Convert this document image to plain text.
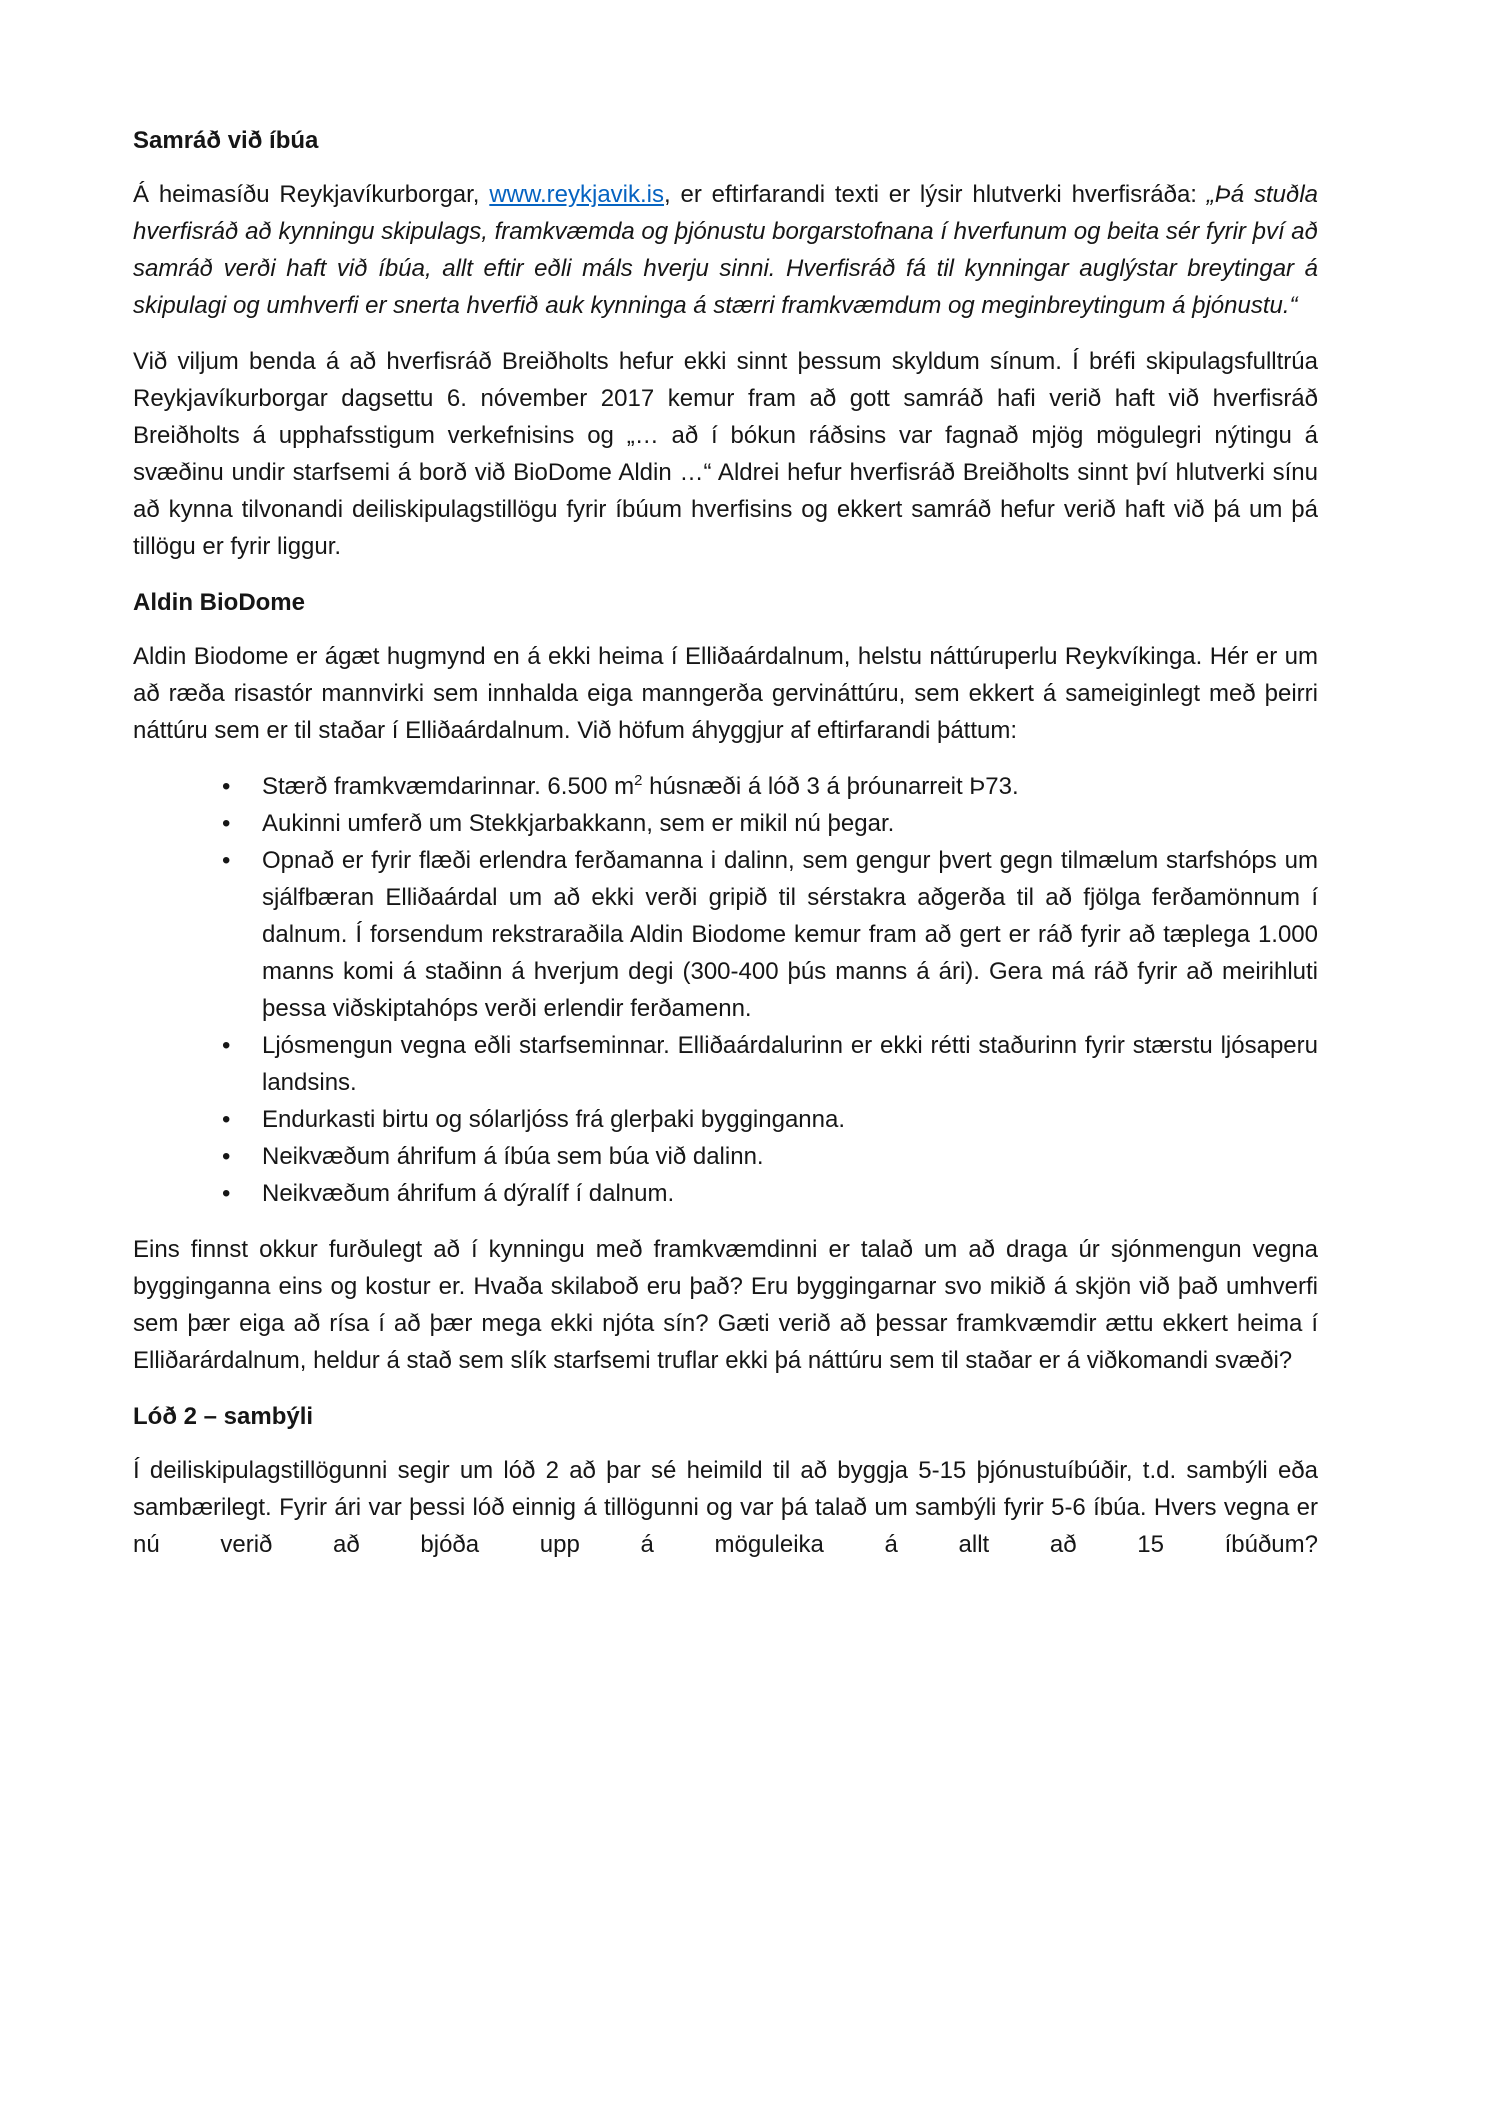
Samráð við íbúa

Á heimasíðu Reykjavíkurborgar, www.reykjavik.is, er eftirfarandi texti er lýsir hlutverki hverfisráða: „Þá stuðla hverfisráð að kynningu skipulags, framkvæmda og þjónustu borgarstofnana í hverfunum og beita sér fyrir því að samráð verði haft við íbúa, allt eftir eðli máls hverju sinni. Hverfisráð fá til kynningar auglýstar breytingar á skipulagi og umhverfi er snerta hverfið auk kynninga á stærri framkvæmdum og meginbreytingum á þjónustu.“

Við viljum benda á að hverfisráð Breiðholts hefur ekki sinnt þessum skyldum sínum. Í bréfi skipulagsfulltrúa Reykjavíkurborgar dagsettu 6. nóvember 2017 kemur fram að gott samráð hafi verið haft við hverfisráð Breiðholts á upphafsstigum verkefnisins og „… að í bókun ráðsins var fagnað mjög mögulegri nýtingu á svæðinu undir starfsemi á borð við BioDome Aldin …“ Aldrei hefur hverfisráð Breiðholts sinnt því hlutverki sínu að kynna tilvonandi deiliskipulagstillögu fyrir íbúum hverfisins og ekkert samráð hefur verið haft við þá um þá tillögu er fyrir liggur.

Aldin BioDome

Aldin Biodome er ágæt hugmynd en á ekki heima í Elliðaárdalnum, helstu náttúruperlu Reykvíkinga. Hér er um að ræða risastór mannvirki sem innhalda eiga manngerða gervináttúru, sem ekkert á sameiginlegt með þeirri náttúru sem er til staðar í Elliðaárdalnum. Við höfum áhyggjur af eftirfarandi þáttum:

• Stærð framkvæmdarinnar. 6.500 $m^2$ húsnæði á lóð 3 á þróunarreit Þ73.
• Aukinni umferð um Stekkjarbakkann, sem er mikil nú þegar.
• Opnað er fyrir flæði erlendra ferðamanna i dalinn, sem gengur þvert gegn tilmælum starfshóps um sjálfbæran Elliðaárdal um að ekki verði gripið til sérstakra aðgerða til að fjölga ferðamönnum í dalnum. Í forsendum rekstraraðila Aldin Biodome kemur fram að gert er ráð fyrir að tæplega 1.000 manns komi á staðinn á hverjum degi (300-400 þús manns á ári). Gera má ráð fyrir að meirihluti þessa viðskiptahóps verði erlendir ferðamenn.
• Ljósmengun vegna eðli starfseminnar. Elliðaárdalurinn er ekki rétti staðurinn fyrir stærstu ljósaperu landsins.
• Endurkasti birtu og sólarljóss frá glerþaki bygginganna.
• Neikvæðum áhrifum á íbúa sem búa við dalinn.
• Neikvæðum áhrifum á dýralíf í dalnum.

Eins finnst okkur furðulegt að í kynningu með framkvæmdinni er talað um að draga úr sjónmengun vegna bygginganna eins og kostur er. Hvaða skilaboð eru það? Eru byggingarnar svo mikið á skjön við það umhverfi sem þær eiga að rísa í að þær mega ekki njóta sín? Gæti verið að þessar framkvæmdir ættu ekkert heima í Elliðarárdalnum, heldur á stað sem slík starfsemi truflar ekki þá náttúru sem til staðar er á viðkomandi svæði?

Lóð 2 – sambýli

Í deiliskipulagstillögunni segir um lóð 2 að þar sé heimild til að byggja 5-15 þjónustuíbúðir, t.d. sambýli eða sambærilegt. Fyrir ári var þessi lóð einnig á tillögunni og var þá talað um sambýli fyrir 5-6 íbúa. Hvers vegna er nú verið að bjóða upp á möguleika á allt að 15 íbúðum?
